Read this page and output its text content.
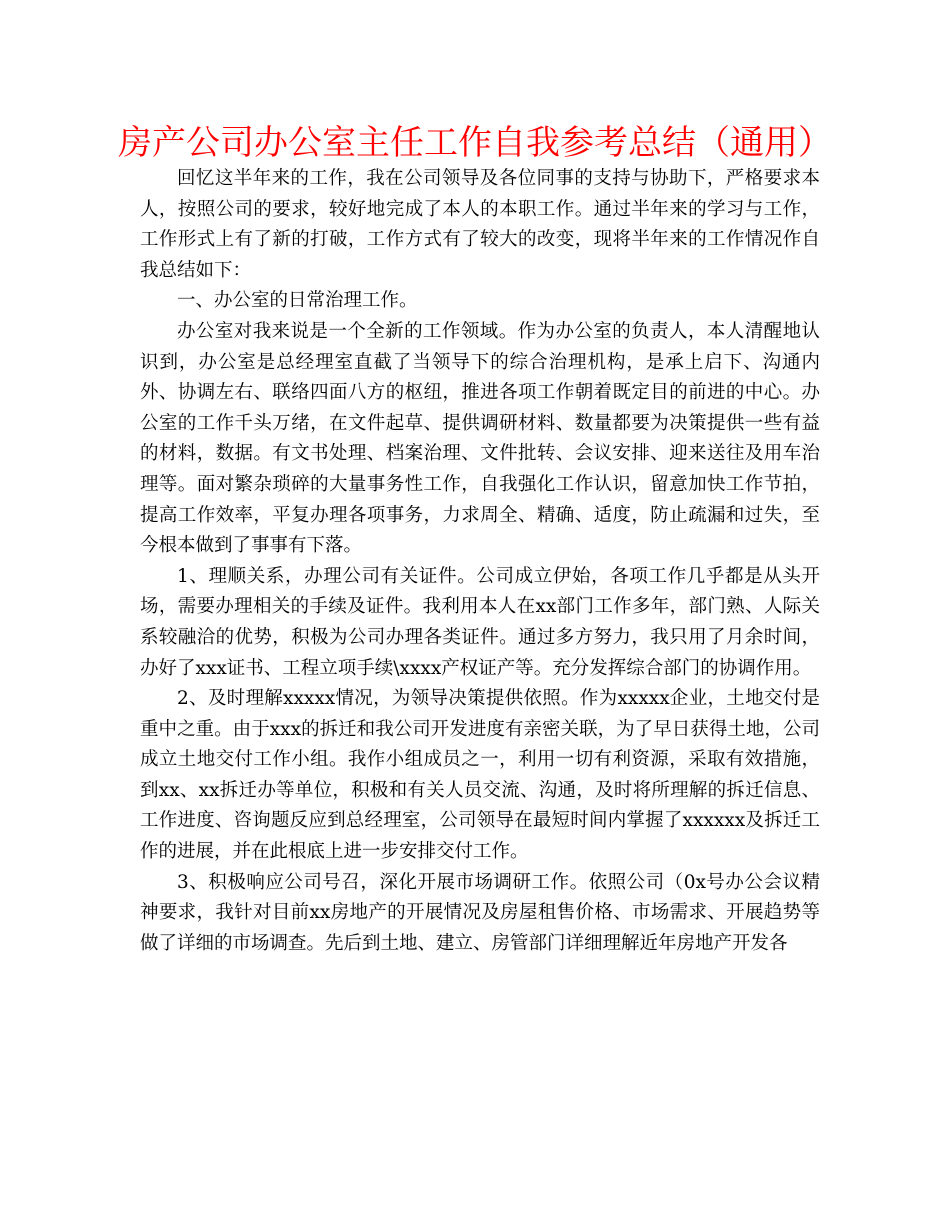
房产公司办公室主任工作自我参考总结（通用）

回忆这半年来的工作，我在公司领导及各位同事的支持与协助下，严格要求本人，按照公司的要求，较好地完成了本人的本职工作。通过半年来的学习与工作，工作形式上有了新的打破，工作方式有了较大的改变，现将半年来的工作情况作自我总结如下：

一、办公室的日常治理工作。

办公室对我来说是一个全新的工作领域。作为办公室的负责人，本人清醒地认识到，办公室是总经理室直截了当领导下的综合治理机构，是承上启下、沟通内外、协调左右、联络四面八方的枢纽，推进各项工作朝着既定目的前进的中心。办公室的工作千头万绪，在文件起草、提供调研材料、数量都要为决策提供一些有益的材料，数据。有文书处理、档案治理、文件批转、会议安排、迎来送往及用车治理等。面对繁杂琐碎的大量事务性工作，自我强化工作认识，留意加快工作节拍，提高工作效率，平复办理各项事务，力求周全、精确、适度，防止疏漏和过失，至今根本做到了事事有下落。

1、理顺关系，办理公司有关证件。公司成立伊始，各项工作几乎都是从头开场，需要办理相关的手续及证件。我利用本人在xx部门工作多年，部门熟、人际关系较融洽的优势，积极为公司办理各类证件。通过多方努力，我只用了月余时间，办好了xxx证书、工程立项手续\xxxx产权证产等。充分发挥综合部门的协调作用。

2、及时理解xxxxx情况，为领导决策提供依照。作为xxxxx企业，土地交付是重中之重。由于xxx的拆迁和我公司开发进度有亲密关联，为了早日获得土地，公司成立土地交付工作小组。我作小组成员之一，利用一切有利资源，采取有效措施，到xx、xx拆迁办等单位，积极和有关人员交流、沟通，及时将所理解的拆迁信息、工作进度、咨询题反应到总经理室，公司领导在最短时间内掌握了xxxxxx及拆迁工作的进展，并在此根底上进一步安排交付工作。

3、积极响应公司号召，深化开展市场调研工作。依照公司（0x号办公会议精神要求，我针对目前xx房地产的开展情况及房屋租售价格、市场需求、开展趋势等做了详细的市场调查。先后到土地、建立、房管部门详细理解近年房地产开发各
